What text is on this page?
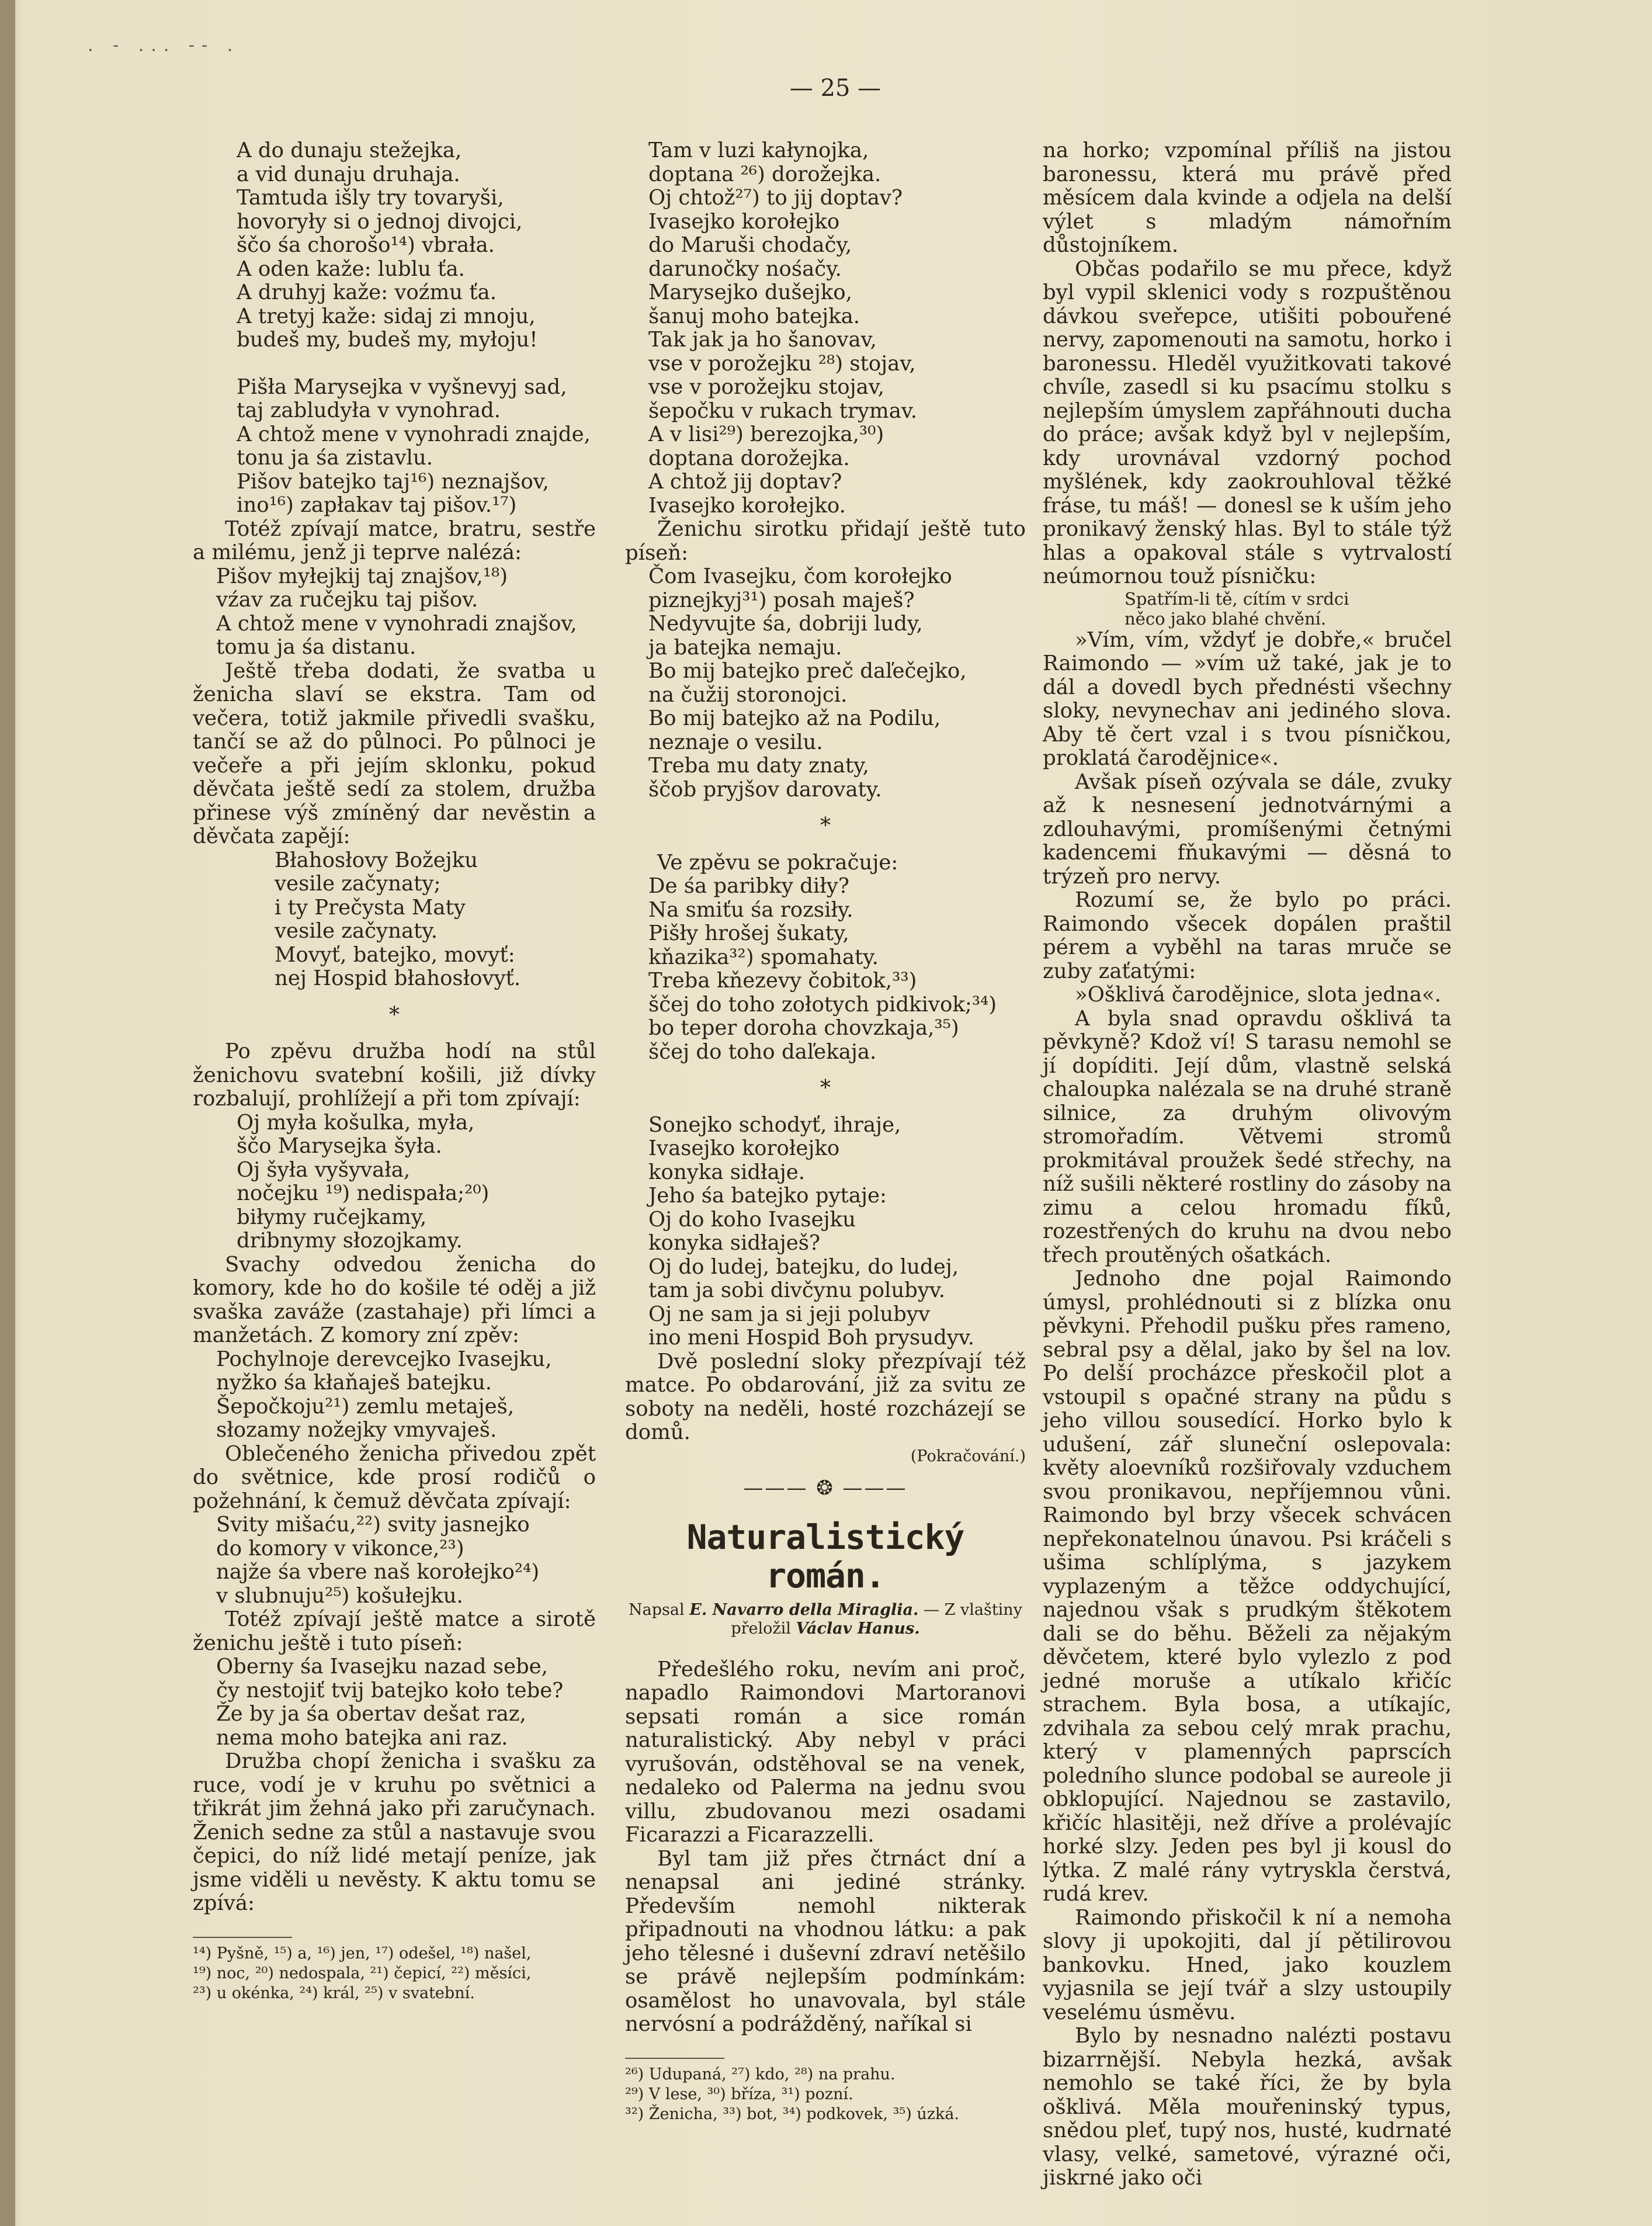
. - ... -- .
— 25 —
A do dunaju stežejka,
a vid dunaju druhaja.
Tamtuda išly try tovaryši,
hovoryły si o jednoj divojci,
ščo śa chorošo¹⁴) vbrała.
A oden kaže: lublu ťa.
A druhyj kaže: voźmu ťa.
A tretyj kaže: sidaj zi mnoju,
budeš my, budeš my, myłoju!
Pišła Marysejka v vyšnevyj sad,
taj zabludyła v vynohrad.
A chtož mene v vynohradi znajde,
tonu ja śa zistavlu.
Pišov batejko taj¹⁶) neznajšov,
ino¹⁶) zapłakav taj pišov.¹⁷)

Totéž zpívají matce, bratru, sestře a milému, jenž ji teprve nalézá:

Pišov myłejkij taj znajšov,¹⁸)
vźav za ručejku taj pišov.
A chtož mene v vynohradi znajšov,
tomu ja śa distanu.

Ještě třeba dodati, že svatba u ženicha slaví se ekstra. Tam od večera, totiž jakmile přivedli svašku, tančí se až do půlnoci. Po půlnoci je večeře a při jejím sklonku, pokud děvčata ještě sedí za stolem, družba přinese výš zmíněný dar nevěstin a děvčata zapějí:

Błahosłovy Božejku
vesile začynaty;
i ty Prečysta Maty
vesile začynaty.
Movyť, batejko, movyť:
nej Hospid błahosłovyť.
*

Po zpěvu družba hodí na stůl ženichovu svatební košili, již dívky rozbalují, prohlížejí a při tom zpívají:

Oj myła košulka, myła,
ščo Marysejka šyła.
Oj šyła vyšyvała,
nočejku ¹⁹) nedispała;²⁰)
biłymy ručejkamy,
dribnymy słozojkamy.

Svachy odvedou ženicha do komory, kde ho do košile té oděj a již svaška zaváže (zastahaje) při límci a manžetách. Z komory zní zpěv:

Pochylnoje derevcejko Ivasejku,
nyžko śa kłaňaješ batejku.
Šepočkoju²¹) zemlu metaješ,
słozamy nožejky vmyvaješ.

Oblečeného ženicha přivedou zpět do světnice, kde prosí rodičů o požehnání, k čemuž děvčata zpívají:

Svity mišaću,²²) svity jasnejko
do komory v vikonce,²³)
najže śa vbere naš korołejko²⁴)
v slubnuju²⁵) košułejku.

Totéž zpívají ještě matce a sirotě ženichu ještě i tuto píseň:

Oberny śa Ivasejku nazad sebe,
čy nestojiť tvij batejko koło tebe?
Že by ja śa obertav dešat raz,
nema moho batejka ani raz.

Družba chopí ženicha i svašku za ruce, vodí je v kruhu po světnici a třikrát jim žehná jako při zaručynach. Ženich sedne za stůl a nastavuje svou čepici, do níž lidé metají peníze, jak jsme viděli u nevěsty. K aktu tomu se zpívá:

¹⁴) Pyšně, ¹⁵) a, ¹⁶) jen, ¹⁷) odešel, ¹⁸) našel,
¹⁹) noc, ²⁰) nedospala, ²¹) čepicí, ²²) měsíci,
²³) u okénka, ²⁴) král, ²⁵) v svatební.
Tam v luzi kałynojka,
doptana ²⁶) dorožejka.
Oj chtož²⁷) to jij doptav?
Ivasejko korołejko
do Maruši chodačy,
darunočky nośačy.
Marysejko dušejko,
šanuj moho batejka.
Tak jak ja ho šanovav,
vse v porožejku ²⁸) stojav,
vse v porožejku stojav,
šepočku v rukach trymav.
A v lisi²⁹) berezojka,³⁰)
doptana dorožejka.
A chtož jij doptav?
Ivasejko korołejko.

Ženichu sirotku přidají ještě tuto píseň:

Čom Ivasejku, čom korołejko
piznejkyj³¹) posah maješ?
Nedyvujte śa, dobriji ludy,
ja batejka nemaju.
Bo mij batejko preč daľečejko,
na čužij storonojci.
Bo mij batejko až na Podilu,
neznaje o vesilu.
Treba mu daty znaty,
ščob pryjšov darovaty.
*

Ve zpěvu se pokračuje:

De śa paribky diły?
Na smiťu śa rozsiły.
Pišły hrošej šukaty,
kňazika³²) spomahaty.
Treba kňezevy čobitok,³³)
ščej do toho zołotych pidkivok;³⁴)
bo teper doroha chovzkaja,³⁵)
ščej do toho daľekaja.
*
Sonejko schodyť, ihraje,
Ivasejko korołejko
konyka sidłaje.
Jeho śa batejko pytaje:
Oj do koho Ivasejku
konyka sidłaješ?
Oj do ludej, batejku, do ludej,
tam ja sobi divčynu polubyv.
Oj ne sam ja si jeji polubyv
ino meni Hospid Boh prysudyv.

Dvě poslední sloky přezpívají též matce. Po obdarování, již za svitu ze soboty na neděli, hosté rozcházejí se domů.

(Pokračování.)
——— ❂ ———
Naturalistický román.
Napsal E. Navarro della Miraglia. — Z vlaštiny přeložil Václav Hanus.

Předešlého roku, nevím ani proč, napadlo Raimondovi Martoranovi sepsati román a sice román naturalistický. Aby nebyl v práci vyrušován, odstěhoval se na venek, nedaleko od Palerma na jednu svou villu, zbudovanou mezi osadami Ficarazzi a Ficarazzelli.

Byl tam již přes čtrnáct dní a nenapsal ani jediné stránky. Především nemohl nikterak připadnouti na vhodnou látku: a pak jeho tělesné i duševní zdraví netěšilo se právě nejlepším podmínkám: osamělost ho unavovala, byl stále nervósní a podrážděný, naříkal si

²⁶) Udupaná, ²⁷) kdo, ²⁸) na prahu.
²⁹) V lese, ³⁰) bříza, ³¹) pozní.
³²) Ženicha, ³³) bot, ³⁴) podkovek, ³⁵) úzká.

na horko; vzpomínal příliš na jistou baronessu, která mu právě před měsícem dala kvinde a odjela na delší výlet s mladým námořním důstojníkem.

Občas podařilo se mu přece, když byl vypil sklenici vody s rozpuštěnou dávkou sveřepce, utišiti pobouřené nervy, zapomenouti na samotu, horko i baronessu. Hleděl využitkovati takové chvíle, zasedl si ku psacímu stolku s nejlepším úmyslem zapřáhnouti ducha do práce; avšak když byl v nejlepším, kdy urovnával vzdorný pochod myšlének, kdy zaokrouhloval těžké fráse, tu máš! — donesl se k uším jeho pronikavý ženský hlas. Byl to stále týž hlas a opakoval stále s vytrvalostí neúmornou touž písničku:

Spatřím-li tě, cítím v srdci
něco jako blahé chvění.

»Vím, vím, vždyť je dobře,« bručel Raimondo — »vím už také, jak je to dál a dovedl bych přednésti všechny sloky, nevynechav ani jediného slova. Aby tě čert vzal i s tvou písničkou, proklatá čarodějnice«.

Avšak píseň ozývala se dále, zvuky až k nesnesení jednotvárnými a zdlouhavými, promíšenými četnými kadencemi fňukavými — děsná to trýzeň pro nervy.

Rozumí se, že bylo po práci. Raimondo všecek dopálen praštil pérem a vyběhl na taras mruče se zuby zaťatými:

»Ošklivá čarodějnice, slota jedna«.

A byla snad opravdu ošklivá ta pěvkyně? Kdož ví! S tarasu nemohl se jí dopíditi. Její dům, vlastně selská chaloupka nalézala se na druhé straně silnice, za druhým olivovým stromořadím. Větvemi stromů prokmitával proužek šedé střechy, na níž sušili některé rostliny do zásoby na zimu a celou hromadu fíků, rozestřených do kruhu na dvou nebo třech proutěných ošatkách.

Jednoho dne pojal Raimondo úmysl, prohlédnouti si z blízka onu pěvkyni. Přehodil pušku přes rameno, sebral psy a dělal, jako by šel na lov. Po delší procházce přeskočil plot a vstoupil s opačné strany na půdu s jeho villou sousedící. Horko bylo k udušení, zář sluneční oslepovala: květy aloevníků rozšiřovaly vzduchem svou pronikavou, nepříjemnou vůni. Raimondo byl brzy všecek schvácen nepřekonatelnou únavou. Psi kráčeli s ušima schlíplýma, s jazykem vyplazeným a těžce oddychující, najednou však s prudkým štěkotem dali se do běhu. Běželi za nějakým děvčetem, které bylo vylezlo z pod jedné moruše a utíkalo křičíc strachem. Byla bosa, a utíkajíc, zdvihala za sebou celý mrak prachu, který v plamenných paprscích poledního slunce podobal se aureole ji obklopující. Najednou se zastavilo, křičíc hlasitěji, než dříve a prolévajíc horké slzy. Jeden pes byl ji kousl do lýtka. Z malé rány vytryskla čerstvá, rudá krev.

Raimondo přiskočil k ní a nemoha slovy ji upokojiti, dal jí pětilirovou bankovku. Hned, jako kouzlem vyjasnila se její tvář a slzy ustoupily veselému úsměvu.

Bylo by nesnadno nalézti postavu bizarrnější. Nebyla hezká, avšak nemohlo se také říci, že by byla ošklivá. Měla mouřeninský typus, snědou pleť, tupý nos, husté, kudrnaté vlasy, velké, sametové, výrazné oči, jiskrné jako oči
